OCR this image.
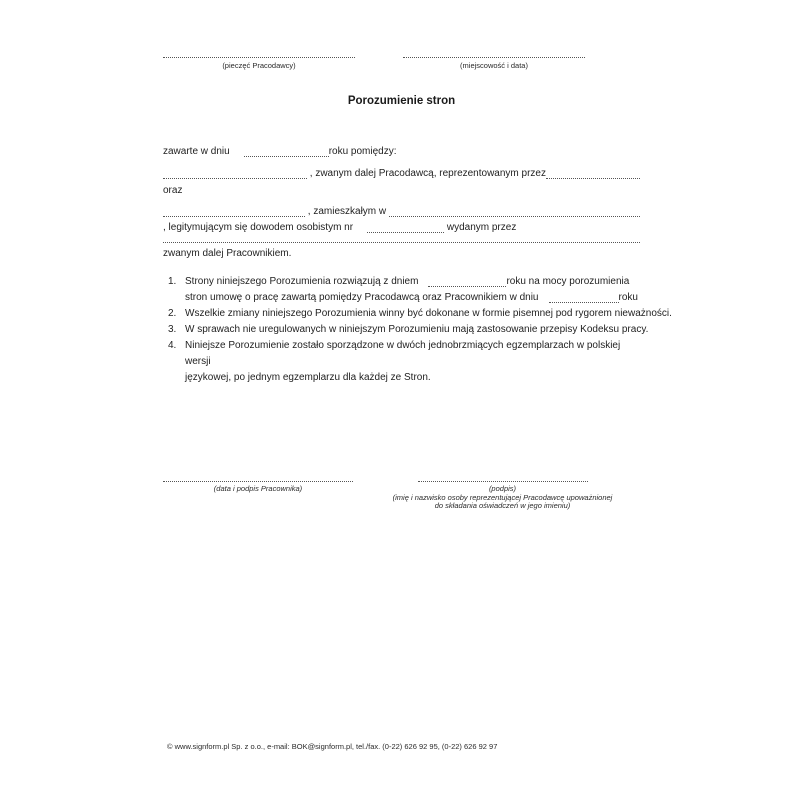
(pieczęć Pracodawcy)	(miejscowość i data)
Porozumienie stron
zawarte w dniu	roku pomiędzy:
, zwanym dalej Pracodawcą, reprezentowanym przez
oraz
, zamieszkałym w
, legitymującym się dowodem osobistym nr	wydanym przez
zwanym dalej Pracownikiem.
1. Strony niniejszego Porozumienia rozwiązują z dniem	roku na mocy porozumienia
stron umowę o pracę zawartą pomiędzy Pracodawcą oraz Pracownikiem w dniu	roku
2. Wszelkie zmiany niniejszego Porozumienia winny być dokonane w formie pisemnej pod rygorem nieważności.
3. W sprawach nie uregulowanych w niniejszym Porozumieniu mają zastosowanie przepisy Kodeksu pracy.
4. Niniejsze Porozumienie zostało sporządzone w dwóch jednobrzmiących egzemplarzach w polskiej wersji
językowej, po jednym egzemplarzu dla każdej ze Stron.
(data i podpis Pracownika)	(podpis)
(imię i nazwisko osoby reprezentującej Pracodawcę upoważnionej
do składania oświadczeń w jego imieniu)
© www.signform.pl Sp. z o.o., e-mail: BOK@signform.pl, tel./fax. (0-22) 626 92 95, (0-22) 626 92 97
